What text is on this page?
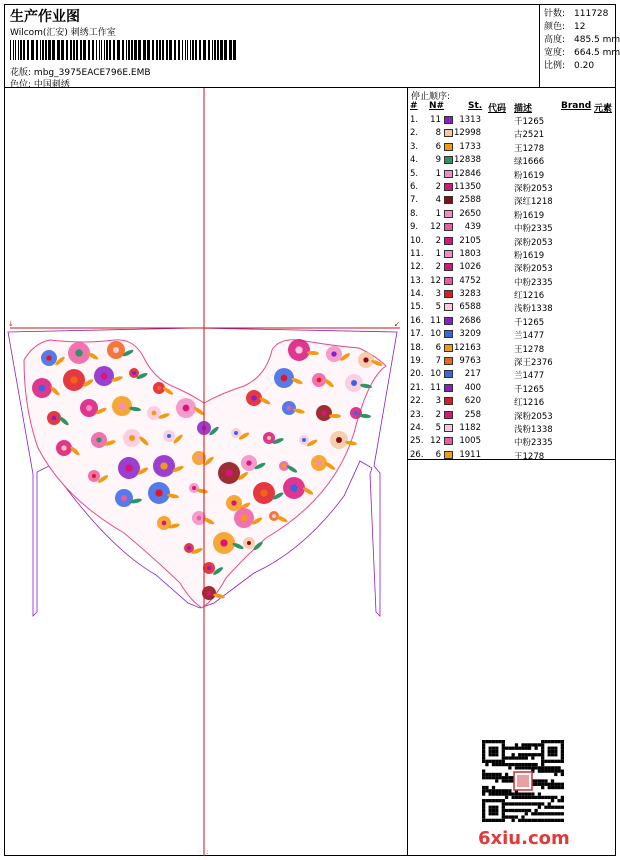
生产作业图
Wilcom(汇安) 刺绣工作室
花版: mbg_3975EACE796E.EMB
色位: 中国刺绣
针数: 111728
颜色: 12
高度: 485.5 mm
宽度: 664.5 mm
比例: 0.20
↓	↙
:
停止顺序:
# N#	St. 代码 描述	Brand 元素
1.	11	1313	千1265
2.	8 12998	古2521
3.	6	1733	王1278
4.	9 12838	绿1666
5.	1 12846	粉1619
6.	2 11350	深粉2053
7.	4	2588	深红1218
8.	1	2650	粉1619
9.	12	439	中粉2335
10.	2	2105	深粉2053
11.	1	1803	粉1619
12.	2	1026	深粉2053
13. 12	4752	中粉2335
14.	3	3283	红1216
15.	5	6588	浅粉1338
16. 11	2686	千1265
17. 10	3209	兰1477
18.	6 12163	王1278
19.	7	9763	深王2376
20. 10	217	兰1477
21. 11	400	千1265
22.	3	620	红1216
23.	2	258	深粉2053
24.	5	1182	浅粉1338
25. 12	1005	中粉2335
26.	6	1911	王1278
6xiu.com
